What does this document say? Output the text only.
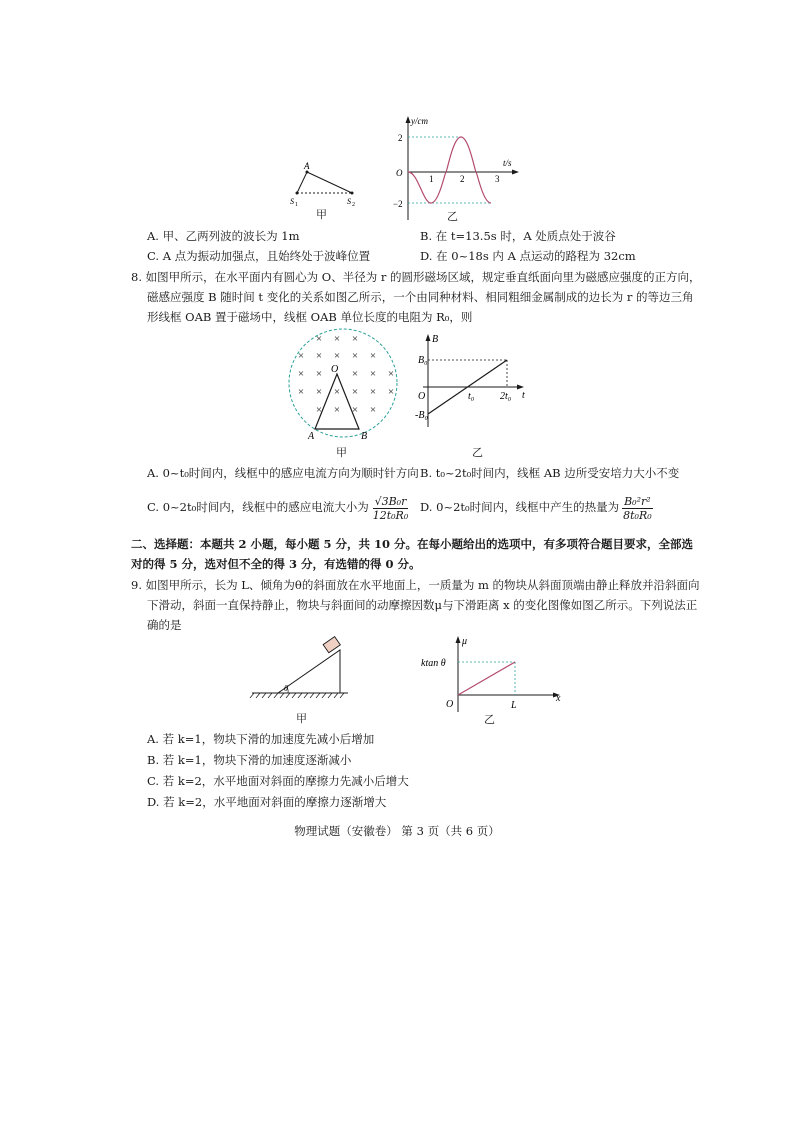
A
S 1	S 2
甲
y/cm
t/s
O
2
−2
1	2	3
乙
A. 甲、乙两列波的波长为 1m	B. 在 t=13.5s 时，A 处质点处于波谷
C. A 点为振动加强点，且始终处于波峰位置	D. 在 0~18s 内 A 点运动的路程为 32cm
8. 如图甲所示，在水平面内有圆心为 O、半径为 r 的圆形磁场区域，规定垂直纸面向里为磁感应强度的正方向，
磁感应强度 B 随时间 t 变化的关系如图乙所示，一个由同种材料、相同粗细金属制成的边长为 r 的等边三角
形线框 OAB 置于磁场中，线框 OAB 单位长度的电阻为 R₀，则
× × ×
× × × × ×
× ×	× × ×
× × × × × ×
× × × ×
O
A	B
甲
B
t
O
B₀
-B₀
t₀	2t₀
乙
A. 0~t₀时间内，线框中的感应电流方向为顺时针方向 B. t₀~2t₀时间内，线框 AB 边所受安培力大小不变
C. 0~2t₀时间内，线框中的感应电流大小为 $\frac{\text{√3B₀r}}{\text{12t₀R₀}} D$. 0~2t₀时间内，线框中产生的热量为 $\frac{\text{B₀²r²}}{\text{8t₀R₀}}$
二、选择题：本题共 2 小题，每小题 5 分，共 10 分。在每小题给出的选项中，有多项符合题目要求，全部选
对的得 5 分，选对但不全的得 3 分，有选错的得 0 分。
9. 如图甲所示，长为 L、倾角为θ的斜面放在水平地面上，一质量为 m 的物块从斜面顶端由静止释放并沿斜面向
下滑动，斜面一直保持静止，物块与斜面间的动摩擦因数μ与下滑距离 x 的变化图像如图乙所示。下列说法正
确的是
θ
甲
μ
x
O
ktan θ
L
乙
A. 若 k=1，物块下滑的加速度先减小后增加
B. 若 k=1，物块下滑的加速度逐渐减小
C. 若 k=2，水平地面对斜面的摩擦力先减小后增大
D. 若 k=2，水平地面对斜面的摩擦力逐渐增大
物理试题（安徽卷） 第 3 页（共 6 页）
